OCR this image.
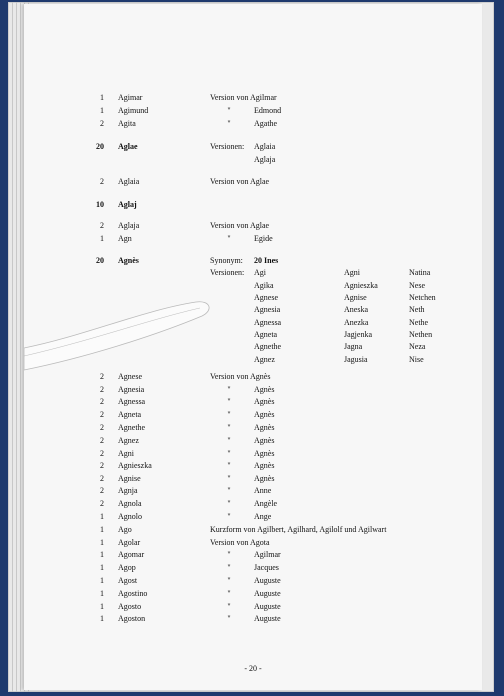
- 20 -
1 Agimar	Version von Agilmar
1 Agimund	"	Edmond
2 Agita	"	Agathe
20 Aglae	Versionen: Aglaia
Aglaja
2 Aglaia	Version von Aglae
10 Aglaj
2 Aglaja	Version von Aglae
1 Agn	"	Egide
20 Agnès	Synonym: 20 Ines
Versionen: Agi	Agni	Natina
Agika	Agnieszka	Nese
Agnese	Agnise	Netchen
Agnesia	Aneska	Neth
Agnessa	Anezka	Nethe
Agneta	Jagjenka	Nethen
Agnethe	Jagna	Neza
Agnez	Jagusia	Nise
2 Agnese	Version von Agnès
2 Agnesia	"	Agnès
2 Agnessa	"	Agnès
2 Agneta	"	Agnès
2 Agnethe	"	Agnès
2 Agnez	"	Agnès
2 Agni	"	Agnès
2 Agnieszka	"	Agnès
2 Agnise	"	Agnès
2 Agnja	"	Anne
2 Agnola	"	Angèle
1 Agnolo	"	Ange
1 Ago	Kurzform von Agilbert, Agilhard, Agilolf und Agilwart
1 Agolar	Version von Agota
1 Agomar	"	Agilmar
1 Agop	"	Jacques
1 Agost	"	Auguste
1 Agostino	"	Auguste
1 Agosto	"	Auguste
1 Agoston	"	Auguste
